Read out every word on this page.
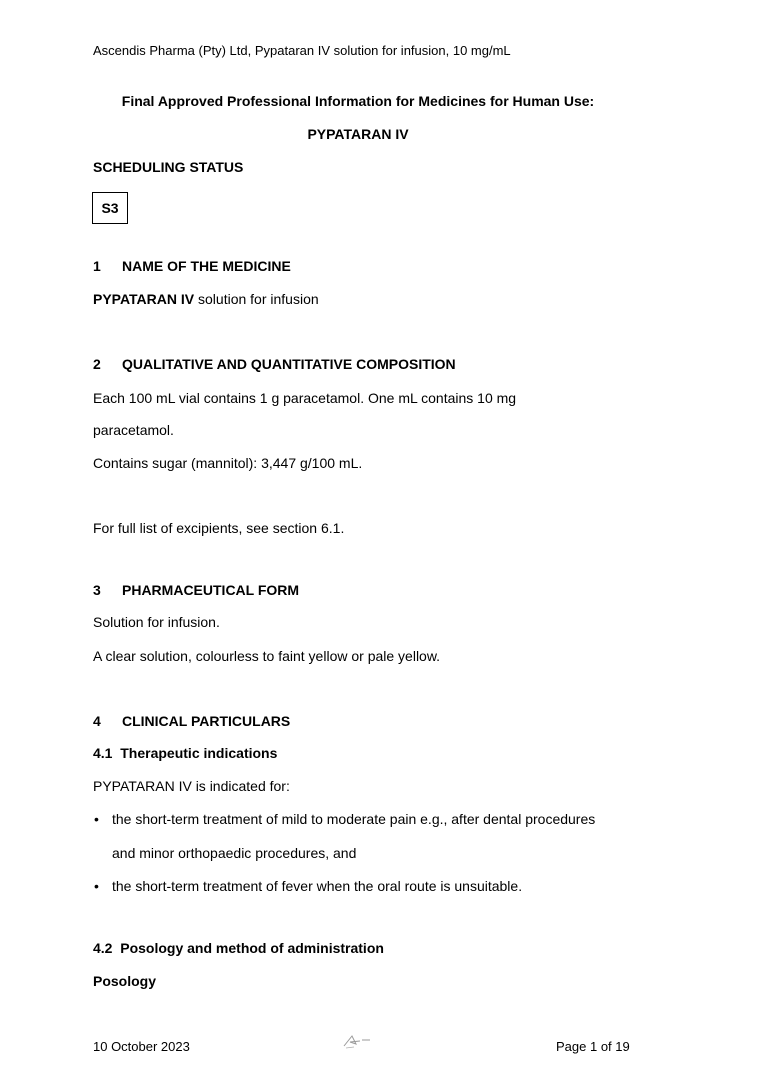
Ascendis Pharma (Pty) Ltd, Pypataran IV solution for infusion, 10 mg/mL
Final Approved Professional Information for Medicines for Human Use:
PYPATARAN IV
SCHEDULING STATUS
S3
1 NAME OF THE MEDICINE
PYPATARAN IV solution for infusion
2 QUALITATIVE AND QUANTITATIVE COMPOSITION
Each 100 mL vial contains 1 g paracetamol. One mL contains 10 mg
paracetamol.
Contains sugar (mannitol): 3,447 g/100 mL.
For full list of excipients, see section 6.1.
3 PHARMACEUTICAL FORM
Solution for infusion.
A clear solution, colourless to faint yellow or pale yellow.
4 CLINICAL PARTICULARS
4.1 Therapeutic indications
PYPATARAN IV is indicated for:
• the short-term treatment of mild to moderate pain e.g., after dental procedures
and minor orthopaedic procedures, and
• the short-term treatment of fever when the oral route is unsuitable.
4.2 Posology and method of administration
Posology
10 October 2023	Page 1 of 19
